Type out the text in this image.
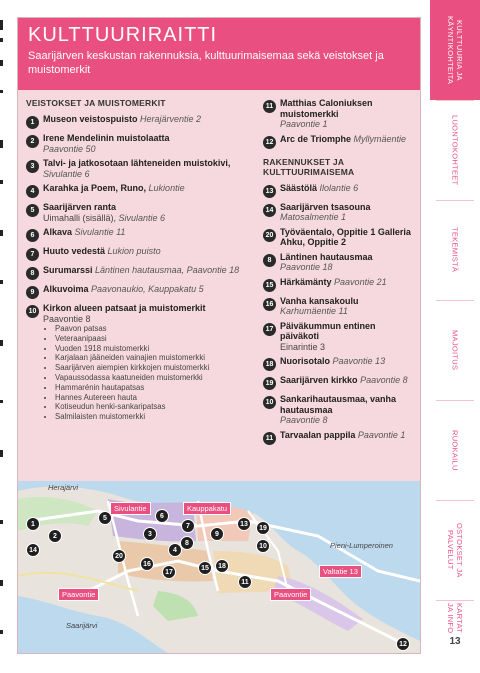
KULTTUURIRAITTI
Saarijärven keskustan rakennuksia, kulttuurimaisemaa sekä veistokset ja muistomerkit
VEISTOKSET JA MUISTOMERKIT
1 Museon veistospuisto Herajärventie 2
2 Irene Mendelinin muistolaatta
Paavontie 50
3 Talvi- ja jatkosotaan lähteneiden muistokivi, Sivulantie 6
4 Karahka ja Poem, Runo, Lukiontie
5 Saarijärven ranta
Uimahalli (sisällä), Sivulantie 6
6 Alkava Sivulantie 11
7 Huuto vedestä Lukion puisto
8 Surumarssi Läntinen hautausmaa, Paavontie 18
9 Alkuvoima Paavonaukio, Kauppakatu 5
10 Kirkon alueen patsaat ja muistomerkit
Paavontie 8
• Paavon patsas
• Veteraanipaasi
• Vuoden 1918 muistomerkki
• Karjalaan jääneiden vainajien muistomerkki
• Saarijärven aiempien kirkkojen muistomerkki
• Vapaussodassa kaatuneiden muistomerkki
• Hammarénin hautapatsas
• Hannes Autereen hauta
• Kotiseudun henki-sankaripatsas
• Salmilaisten muistomerkki
11 Matthias Caloniuksen muistomerkki
Paavontie 1
12 Arc de Triomphe Myllymäentie
RAKENNUKSET JA KULTTUURIMAISEMA
13 Säästölä Ilolantie 6
14 Saarijärven tsasouna Matosalmentie 1
20 Työväentalo, Oppitie 1 Galleria Ahku, Oppitie 2
8 Läntinen hautausmaa Paavontie 18
15 Härkämänty Paavontie 21
16 Vanha kansakoulu Karhumäentie 11
17 Päiväkummun entinen päiväkoti
Einarintie 3
18 Nuorisotalo Paavontie 13
19 Saarijärven kirkko Paavontie 8
10 Sankarihautausmaa, vanha hautausmaa
Paavontie 8
11 Tarvaalan pappila Paavontie 1
Herajärvi
Pieni-Lumperoinen
Saarijärvi
Sivulantie	Kauppakatu
Paavontie
Valtatie 13
Paavontie
1
2
14
5
3
6
4
7
8
9
13
19
10
20
16
17
15	18
11
12
KULTTUURIA JA
KÄYNTIKOHTEITA
LUONTOKOHTEET
TEKEMISTÄ
MAJOITUS
RUOKAILU
OSTOKSET JA
PALVELUT
KARTAT JA INFO
13
